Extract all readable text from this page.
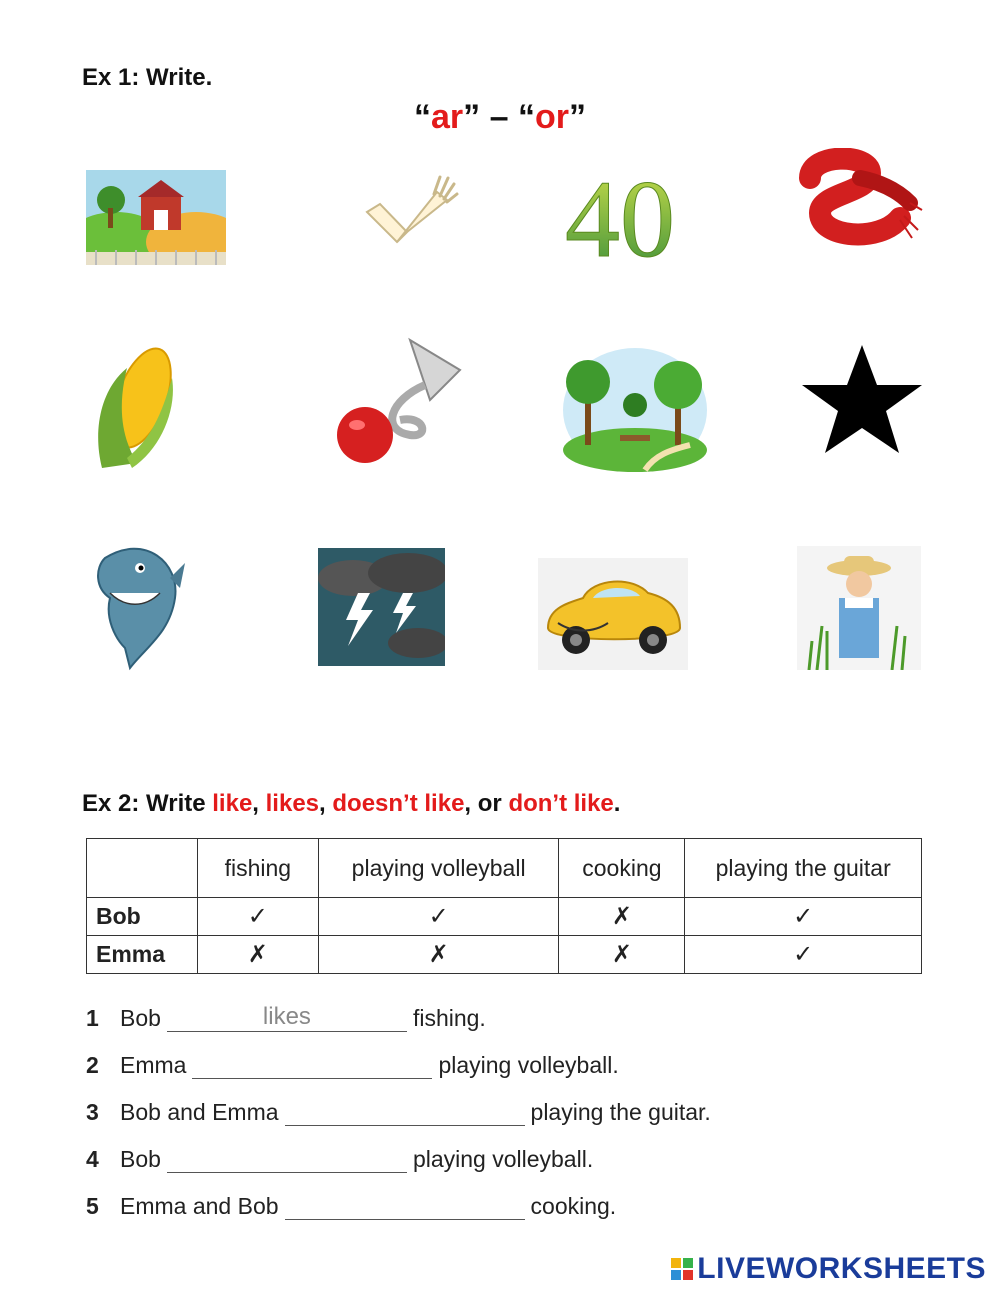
Ex 1: Write.
“ar” – “or”
40
Ex 2: Write like, likes, doesn’t like, or don’t like.
	fishing	playing volleyball	cooking	playing the guitar
Bob	✓	✓	✗	✓
Emma	✗	✗	✗	✓
1 Bob
likes	fishing.
2 Emma	playing volleyball.
3 Bob and Emma	playing the guitar.
4 Bob	playing volleyball.
5 Emma and Bob	cooking.
LIVEWORKSHEETS
